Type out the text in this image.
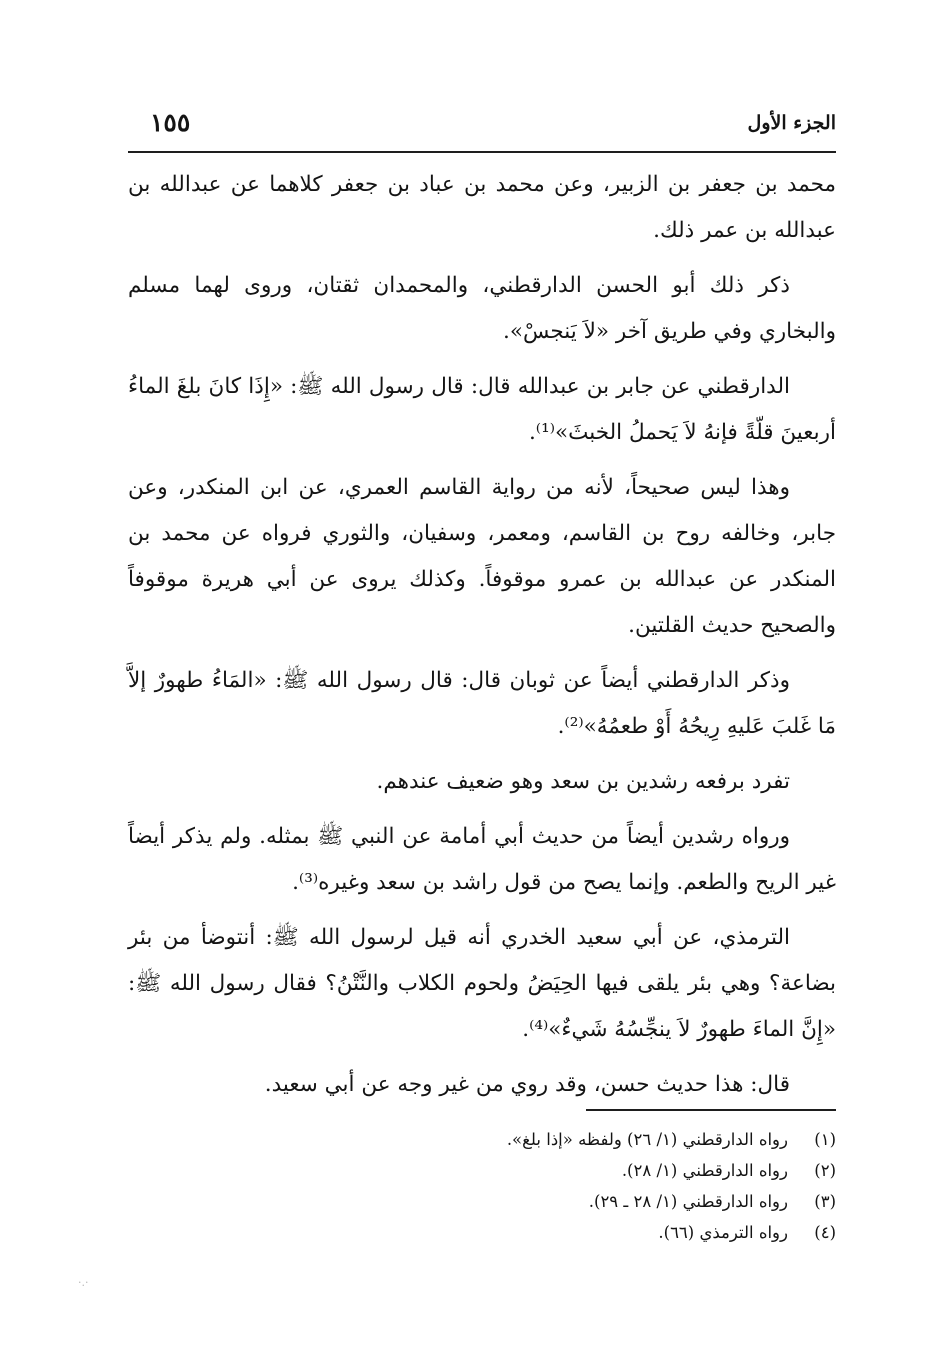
الجزء الأول
١٥٥

محمد بن جعفر بن الزبير، وعن محمد بن عباد بن جعفر كلاهما عن عبدالله بن عبدالله بن عمر ذلك.

ذكر ذلك أبو الحسن الدارقطني، والمحمدان ثقتان، وروى لهما مسلم والبخاري وفي طريق آخر «لاَ يَنجسْ».

الدارقطني عن جابر بن عبدالله قال: قال رسول الله ﷺ: «إِذَا كانَ بلغَ الماءُ أربعينَ قلّةً فإنهُ لاَ يَحملُ الخبثَ»⁽¹⁾.

وهذا ليس صحيحاً، لأنه من رواية القاسم العمري، عن ابن المنكدر، وعن جابر، وخالفه روح بن القاسم، ومعمر، وسفيان، والثوري فرواه عن محمد بن المنكدر عن عبدالله بن عمرو موقوفاً. وكذلك يروى عن أبي هريرة موقوفاً والصحيح حديث القلتين.

وذكر الدارقطني أيضاً عن ثوبان قال: قال رسول الله ﷺ: «المَاءُ طهورٌ إلاَّ مَا غَلبَ عَليهِ رِيحُهُ أَوْ طعمُهُ»⁽²⁾.

تفرد برفعه رشدين بن سعد وهو ضعيف عندهم.

ورواه رشدين أيضاً من حديث أبي أمامة عن النبي ﷺ بمثله. ولم يذكر أيضاً غير الريح والطعم. وإنما يصح من قول راشد بن سعد وغيره⁽³⁾.

الترمذي، عن أبي سعيد الخدري أنه قيل لرسول الله ﷺ: أنتوضأ من بئر بضاعة؟ وهي بئر يلقى فيها الحِيَضُ ولحوم الكلاب والنَّتْنُ؟ فقال رسول الله ﷺ: «إِنَّ الماءَ طهورٌ لاَ ينجِّسُهُ شَيءٌ»⁽⁴⁾.

قال: هذا حديث حسن، وقد روي من غير وجه عن أبي سعيد.

(١)رواه الدارقطني (١/ ٢٦) ولفظه «إذا بلغ».
(٢)رواه الدارقطني (١/ ٢٨).
(٣)رواه الدارقطني (١/ ٢٨ ـ ٢٩).
(٤)رواه الترمذي (٦٦).
·.·
